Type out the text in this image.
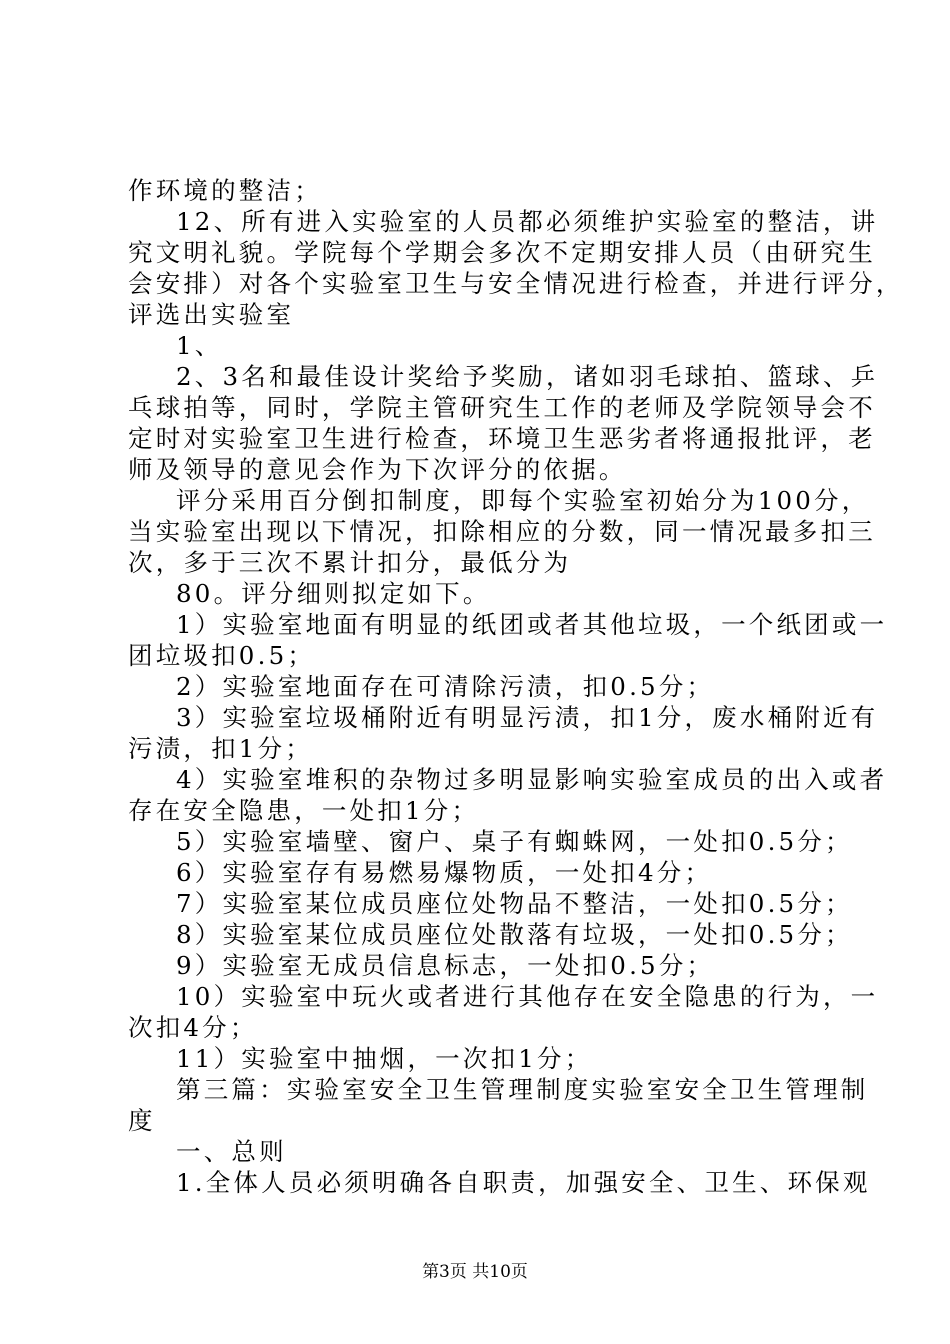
作环境的整洁；
12、所有进入实验室的人员都必须维护实验室的整洁，讲
究文明礼貌。学院每个学期会多次不定期安排人员（由研究生
会安排）对各个实验室卫生与安全情况进行检查，并进行评分，
评选出实验室
1、
2、3名和最佳设计奖给予奖励，诸如羽毛球拍、篮球、乒
乓球拍等，同时，学院主管研究生工作的老师及学院领导会不
定时对实验室卫生进行检查，环境卫生恶劣者将通报批评，老
师及领导的意见会作为下次评分的依据。
评分采用百分倒扣制度，即每个实验室初始分为100分，
当实验室出现以下情况，扣除相应的分数，同一情况最多扣三
次，多于三次不累计扣分，最低分为
80。评分细则拟定如下。
1）实验室地面有明显的纸团或者其他垃圾，一个纸团或一
团垃圾扣0.5；
2）实验室地面存在可清除污渍，扣0.5分；
3）实验室垃圾桶附近有明显污渍，扣1分，废水桶附近有
污渍，扣1分；
4）实验室堆积的杂物过多明显影响实验室成员的出入或者
存在安全隐患，一处扣1分；
5）实验室墙壁、窗户、桌子有蜘蛛网，一处扣0.5分；
6）实验室存有易燃易爆物质，一处扣4分；
7）实验室某位成员座位处物品不整洁，一处扣0.5分；
8）实验室某位成员座位处散落有垃圾，一处扣0.5分；
9）实验室无成员信息标志，一处扣0.5分；
10）实验室中玩火或者进行其他存在安全隐患的行为，一
次扣4分；
11）实验室中抽烟，一次扣1分；
第三篇：实验室安全卫生管理制度实验室安全卫生管理制
度
一、总则
1.全体人员必须明确各自职责，加强安全、卫生、环保观
第3页 共10页
